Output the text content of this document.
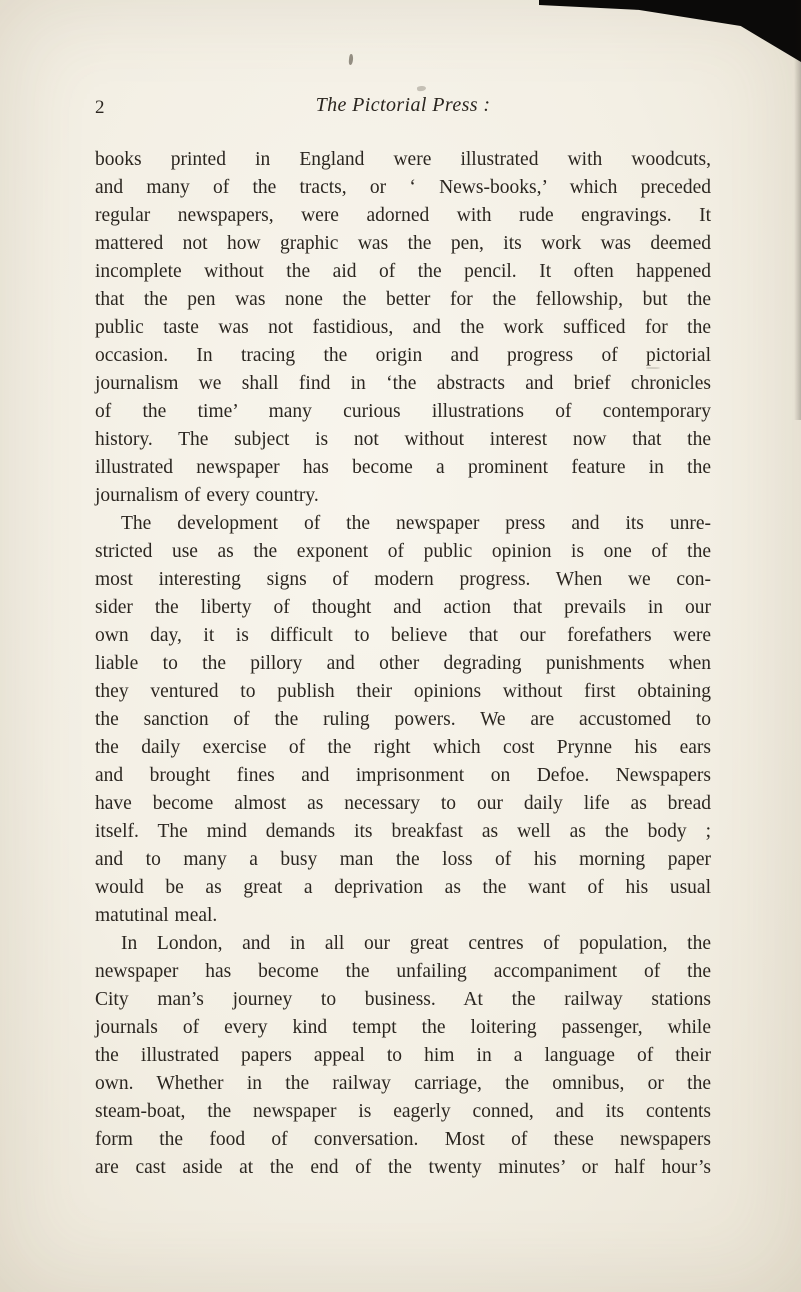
2	The Pictorial Press :

books printed in England were illustrated with woodcuts,
and many of the tracts, or ‘ News-books,’ which preceded
regular newspapers, were adorned with rude engravings. It
mattered not how graphic was the pen, its work was deemed
incomplete without the aid of the pencil. It often happened
that the pen was none the better for the fellowship, but the
public taste was not fastidious, and the work sufficed for the
occasion. In tracing the origin and progress of pictorial
journalism we shall find in ‘the abstracts and brief chronicles
of the time’ many curious illustrations of contemporary
history. The subject is not without interest now that the
illustrated newspaper has become a prominent feature in the
journalism of every country.

The development of the newspaper press and its unre-
stricted use as the exponent of public opinion is one of the
most interesting signs of modern progress. When we con-
sider the liberty of thought and action that prevails in our
own day, it is difficult to believe that our forefathers were
liable to the pillory and other degrading punishments when
they ventured to publish their opinions without first obtaining
the sanction of the ruling powers. We are accustomed to
the daily exercise of the right which cost Prynne his ears
and brought fines and imprisonment on Defoe. Newspapers
have become almost as necessary to our daily life as bread
itself. The mind demands its breakfast as well as the body ;
and to many a busy man the loss of his morning paper
would be as great a deprivation as the want of his usual
matutinal meal.

In London, and in all our great centres of population, the
newspaper has become the unfailing accompaniment of the
City man’s journey to business. At the railway stations
journals of every kind tempt the loitering passenger, while
the illustrated papers appeal to him in a language of their
own. Whether in the railway carriage, the omnibus, or the
steam-boat, the newspaper is eagerly conned, and its contents
form the food of conversation. Most of these newspapers
are cast aside at the end of the twenty minutes’ or half hour’s
